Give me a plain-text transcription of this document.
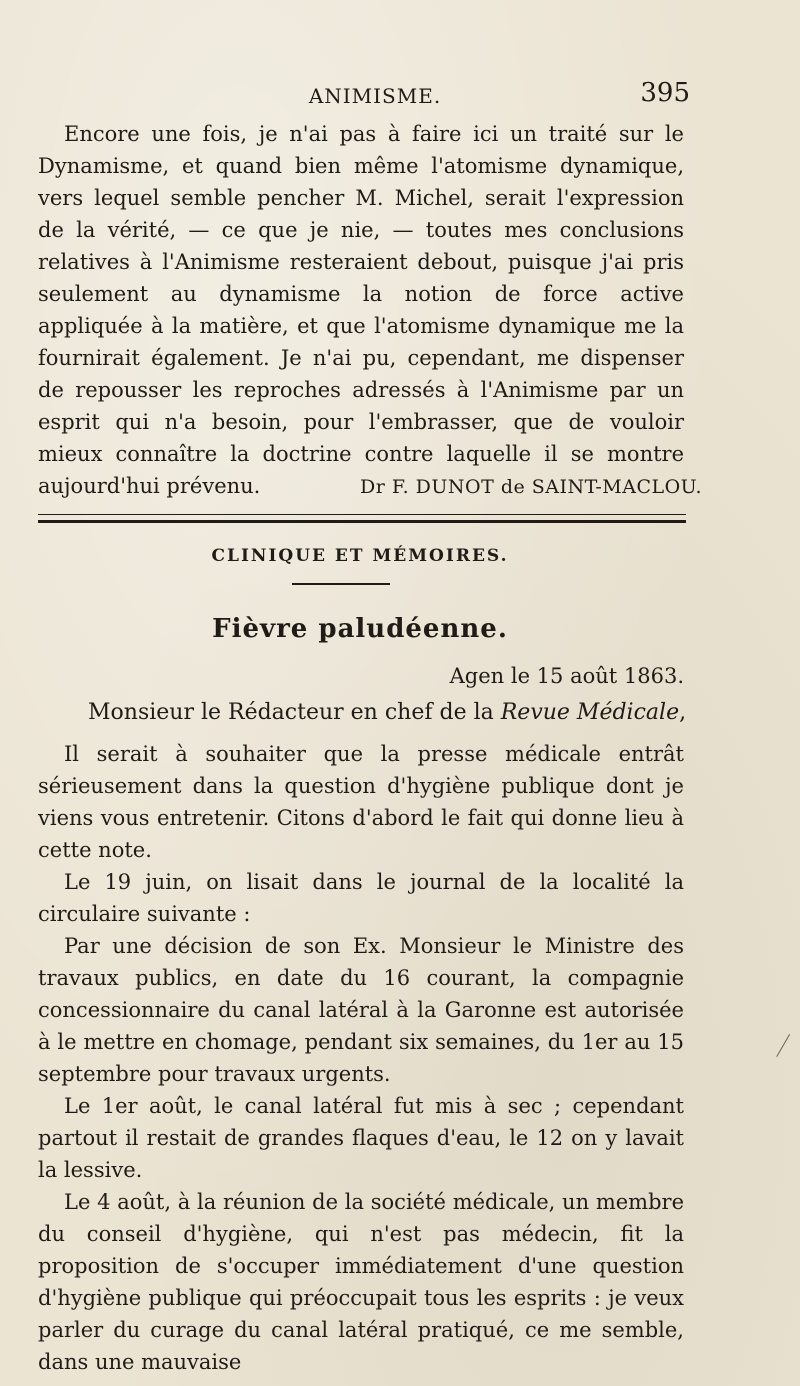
ANIMISME.	395

Encore une fois, je n'ai pas à faire ici un traité sur le Dynamisme, et quand bien même l'atomisme dynamique, vers lequel semble pencher M. Michel, serait l'expression de la vérité, — ce que je nie, — toutes mes conclusions relatives à l'Animisme resteraient debout, puisque j'ai pris seulement au dynamisme la notion de force active appliquée à la matière, et que l'atomisme dynamique me la fournirait également. Je n'ai pu, cependant, me dispenser de repousser les reproches adressés à l'Animisme par un esprit qui n'a besoin, pour l'embrasser, que de vouloir mieux connaître la doctrine contre laquelle il se montre aujourd'hui prévenu.	Dr F. DUNOT de SAINT-MACLOU.
CLINIQUE ET MÉMOIRES.
Fièvre paludéenne.
Agen le 15 août 1863.
Monsieur le Rédacteur en chef de la Revue Médicale,

Il serait à souhaiter que la presse médicale entrât sérieusement dans la question d'hygiène publique dont je viens vous entretenir. Citons d'abord le fait qui donne lieu à cette note.

Le 19 juin, on lisait dans le journal de la localité la circulaire suivante :

Par une décision de son Ex. Monsieur le Ministre des travaux publics, en date du 16 courant, la compagnie concessionnaire du canal latéral à la Garonne est autorisée à le mettre en chomage, pendant six semaines, du 1er au 15 septembre pour travaux urgents.

Le 1er août, le canal latéral fut mis à sec ; cependant partout il restait de grandes flaques d'eau, le 12 on y lavait la lessive.

Le 4 août, à la réunion de la société médicale, un membre du conseil d'hygiène, qui n'est pas médecin, fit la proposition de s'occuper immédiatement d'une question d'hygiène publique qui préoccupait tous les esprits : je veux parler du curage du canal latéral pratiqué, ce me semble, dans une mauvaise
